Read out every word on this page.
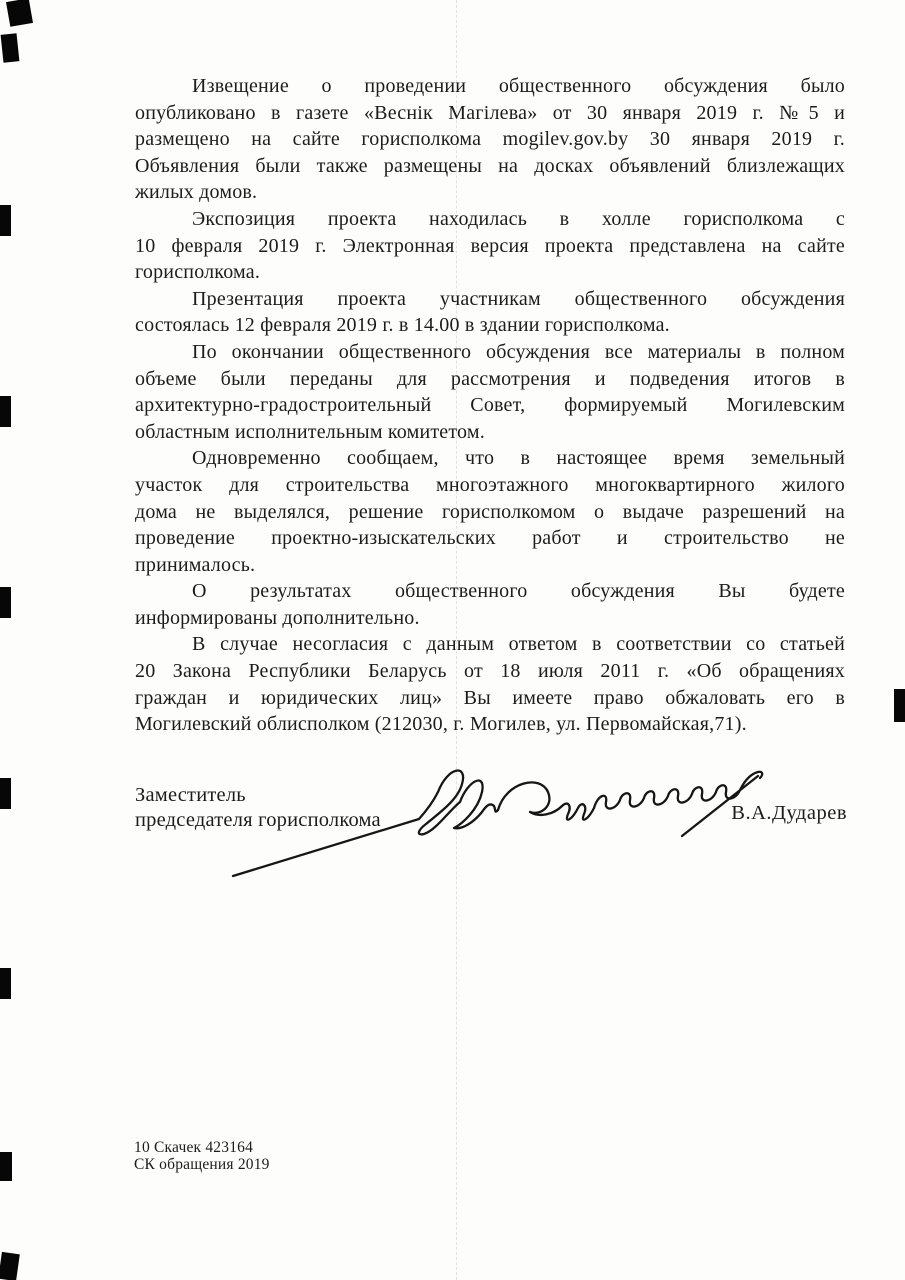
Извещение о проведении общественного обсуждения было
опубликовано в газете «Веснік Магілева» от 30 января 2019 г. №5 и
размещено на сайте горисполкома mogilev.gov.by 30 января 2019 г.
Объявления были также размещены на досках объявлений близлежащих
жилых домов.
Экспозиция проекта находилась в холле горисполкома с
10 февраля 2019 г. Электронная версия проекта представлена на сайте
горисполкома.
Презентация проекта участникам общественного обсуждения
состоялась 12 февраля 2019 г. в 14.00 в здании горисполкома.
По окончании общественного обсуждения все материалы в полном
объеме были переданы для рассмотрения и подведения итогов в
архитектурно-градостроительный Совет, формируемый Могилевским
областным исполнительным комитетом.
Одновременно сообщаем, что в настоящее время земельный
участок для строительства многоэтажного многоквартирного жилого
дома не выделялся, решение горисполкомом о выдаче разрешений на
проведение проектно-изыскательских работ и строительство не
принималось.
О результатах общественного обсуждения Вы будете
информированы дополнительно.
В случае несогласия с данным ответом в соответствии со статьей
20 Закона Республики Беларусь от 18 июля 2011 г. «Об обращениях
граждан и юридических лиц» Вы имеете право обжаловать его в
Могилевский облисполком (212030, г. Могилев, ул. Первомайская,71).
Заместитель
председателя горисполкома	В.А.Дударев
10 Скачек 423164
СК обращения 2019
